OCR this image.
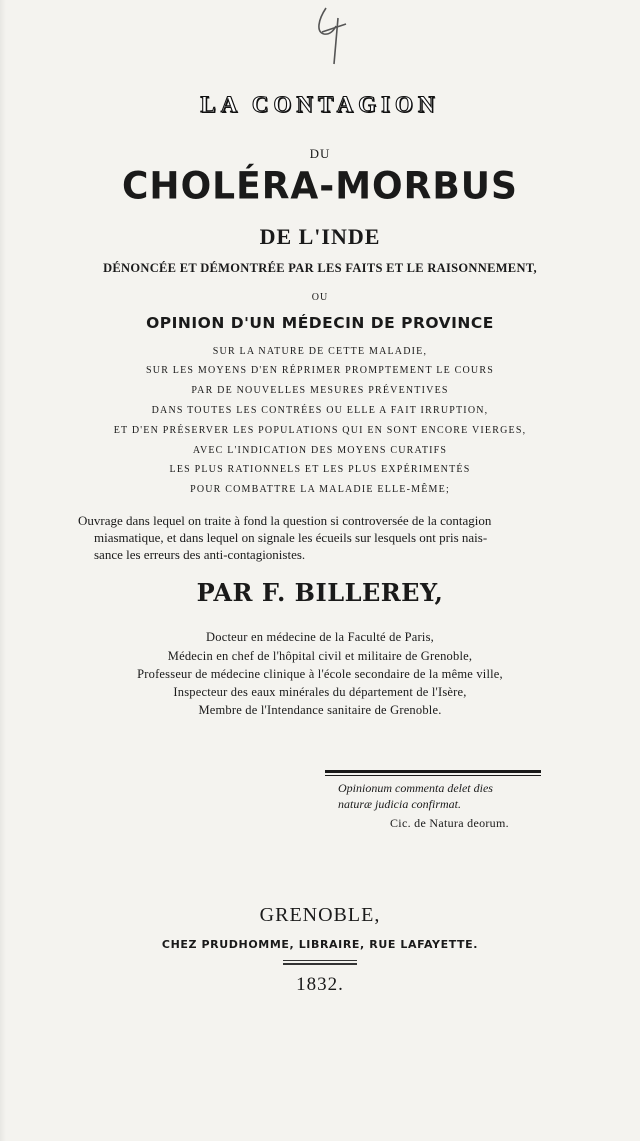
LA CONTAGION
DU
CHOLÉRA-MORBUS
DE L'INDE
DÉNONCÉE ET DÉMONTRÉE PAR LES FAITS ET LE RAISONNEMENT,
OU
OPINION D'UN MÉDECIN DE PROVINCE
SUR LA NATURE DE CETTE MALADIE,
SUR LES MOYENS D'EN RÉPRIMER PROMPTEMENT LE COURS
PAR DE NOUVELLES MESURES PRÉVENTIVES
DANS TOUTES LES CONTRÉES OU ELLE A FAIT IRRUPTION,
ET D'EN PRÉSERVER LES POPULATIONS QUI EN SONT ENCORE VIERGES,
AVEC L'INDICATION DES MOYENS CURATIFS
LES PLUS RATIONNELS ET LES PLUS EXPÉRIMENTÉS
POUR COMBATTRE LA MALADIE ELLE-MÊME;
Ouvrage dans lequel on traite à fond la question si controversée de la contagion
miasmatique, et dans lequel on signale les écueils sur lesquels ont pris nais-
sance les erreurs des anti-contagionistes.
PAR F. BILLEREY,
Docteur en médecine de la Faculté de Paris,
Médecin en chef de l'hôpital civil et militaire de Grenoble,
Professeur de médecine clinique à l'école secondaire de la même ville,
Inspecteur des eaux minérales du département de l'Isère,
Membre de l'Intendance sanitaire de Grenoble.
Opinionum commenta delet dies
naturæ judicia confirmat.
Cic. de Natura deorum.
GRENOBLE,
CHEZ PRUDHOMME, LIBRAIRE, RUE LAFAYETTE.
1832.
